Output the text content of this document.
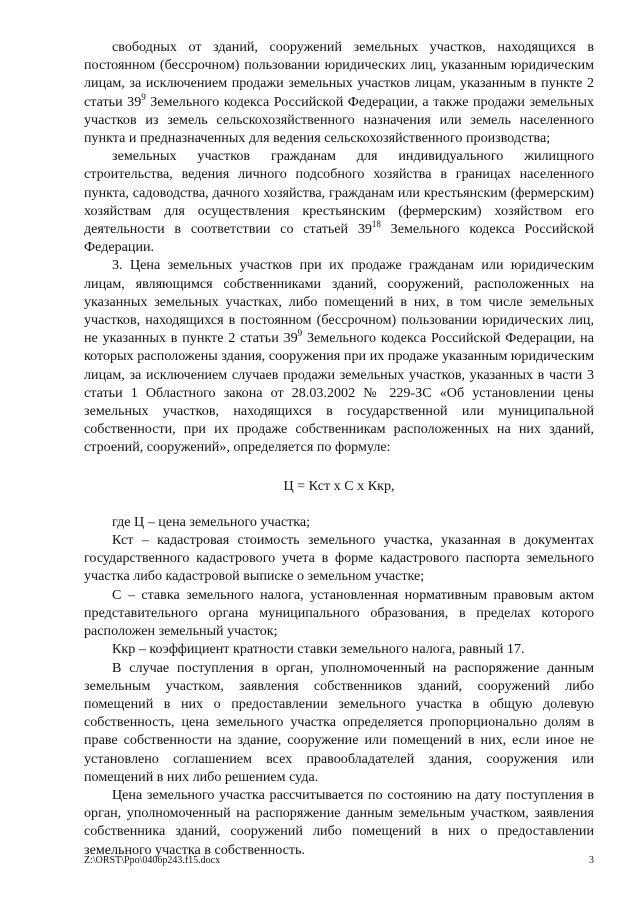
свободных от зданий, сооружений земельных участков, находящихся в постоянном (бессрочном) пользовании юридических лиц, указанным юридическим лицам, за исключением продажи земельных участков лицам, указанным в пункте 2 статьи $39^9$ Земельного кодекса Российской Федерации, а также продажи земельных участков из земель сельскохозяйственного назначения или земель населенного пункта и предназначенных для ведения сельскохозяйственного производства;

земельных участков гражданам для индивидуального жилищного строительства, ведения личного подсобного хозяйства в границах населенного пункта, садоводства, дачного хозяйства, гражданам или крестьянским (фермерским) хозяйствам для осуществления крестьянским (фермерским) хозяйством его деятельности в соответствии со статьей $39^{18}$ Земельного кодекса Российской Федерации.

3. Цена земельных участков при их продаже гражданам или юридическим лицам, являющимся собственниками зданий, сооружений, расположенных на указанных земельных участках, либо помещений в них, в том числе земельных участков, находящихся в постоянном (бессрочном) пользовании юридических лиц, не указанных в пункте 2 статьи $39^9$ Земельного кодекса Российской Федерации, на которых расположены здания, сооружения при их продаже указанным юридическим лицам, за исключением случаев продажи земельных участков, указанных в части 3 статьи 1 Областного закона от 28.03.2002 № 229-ЗС «Об установлении цены земельных участков, находящихся в государственной или муниципальной собственности, при их продаже собственникам расположенных на них зданий, строений, сооружений», определяется по формуле:

Ц = Кст х С х Ккр,

где Ц – цена земельного участка;

Кст – кадастровая стоимость земельного участка, указанная в документах государственного кадастрового учета в форме кадастрового паспорта земельного участка либо кадастровой выписке о земельном участке;

С – ставка земельного налога, установленная нормативным правовым актом представительного органа муниципального образования, в пределах которого расположен земельный участок;

Ккр – коэффициент кратности ставки земельного налога, равный 17.

В случае поступления в орган, уполномоченный на распоряжение данным земельным участком, заявления собственников зданий, сооружений либо помещений в них о предоставлении земельного участка в общую долевую собственность, цена земельного участка определяется пропорционально долям в праве собственности на здание, сооружение или помещений в них, если иное не установлено соглашением всех правообладателей здания, сооружения или помещений в них либо решением суда.

Цена земельного участка рассчитывается по состоянию на дату поступления в орган, уполномоченный на распоряжение данным земельным участком, заявления собственника зданий, сооружений либо помещений в них о предоставлении земельного участка в собственность.

Z:\ORST\Ppo\0406p243.f15.docx	3
